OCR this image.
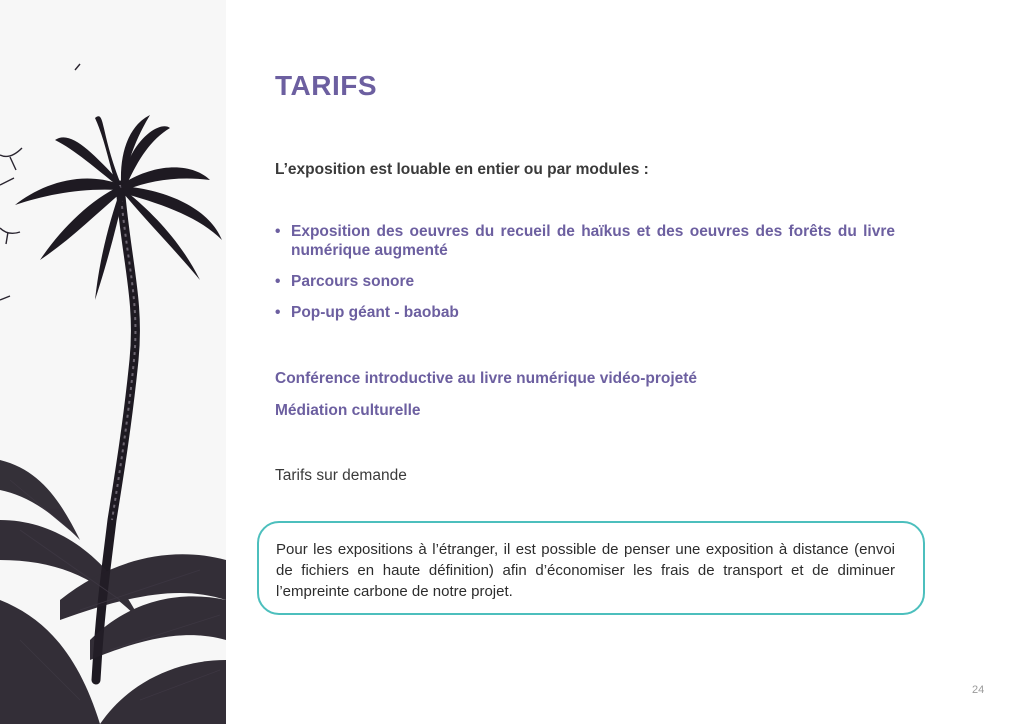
TARIFS

L’exposition est louable en entier ou par modules :

• Exposition des oeuvres du recueil de haïkus et des oeuvres des forêts du livre numérique augmenté
• Parcours sonore
• Pop-up géant - baobab

Conférence introductive au livre numérique vidéo-projeté

Médiation culturelle

Tarifs sur demande

Pour les expositions à l’étranger, il est possible de penser une exposition à distance (envoi de fichiers en haute définition) afin d’économiser les frais de transport et de diminuer l’empreinte carbone de notre projet.

24
